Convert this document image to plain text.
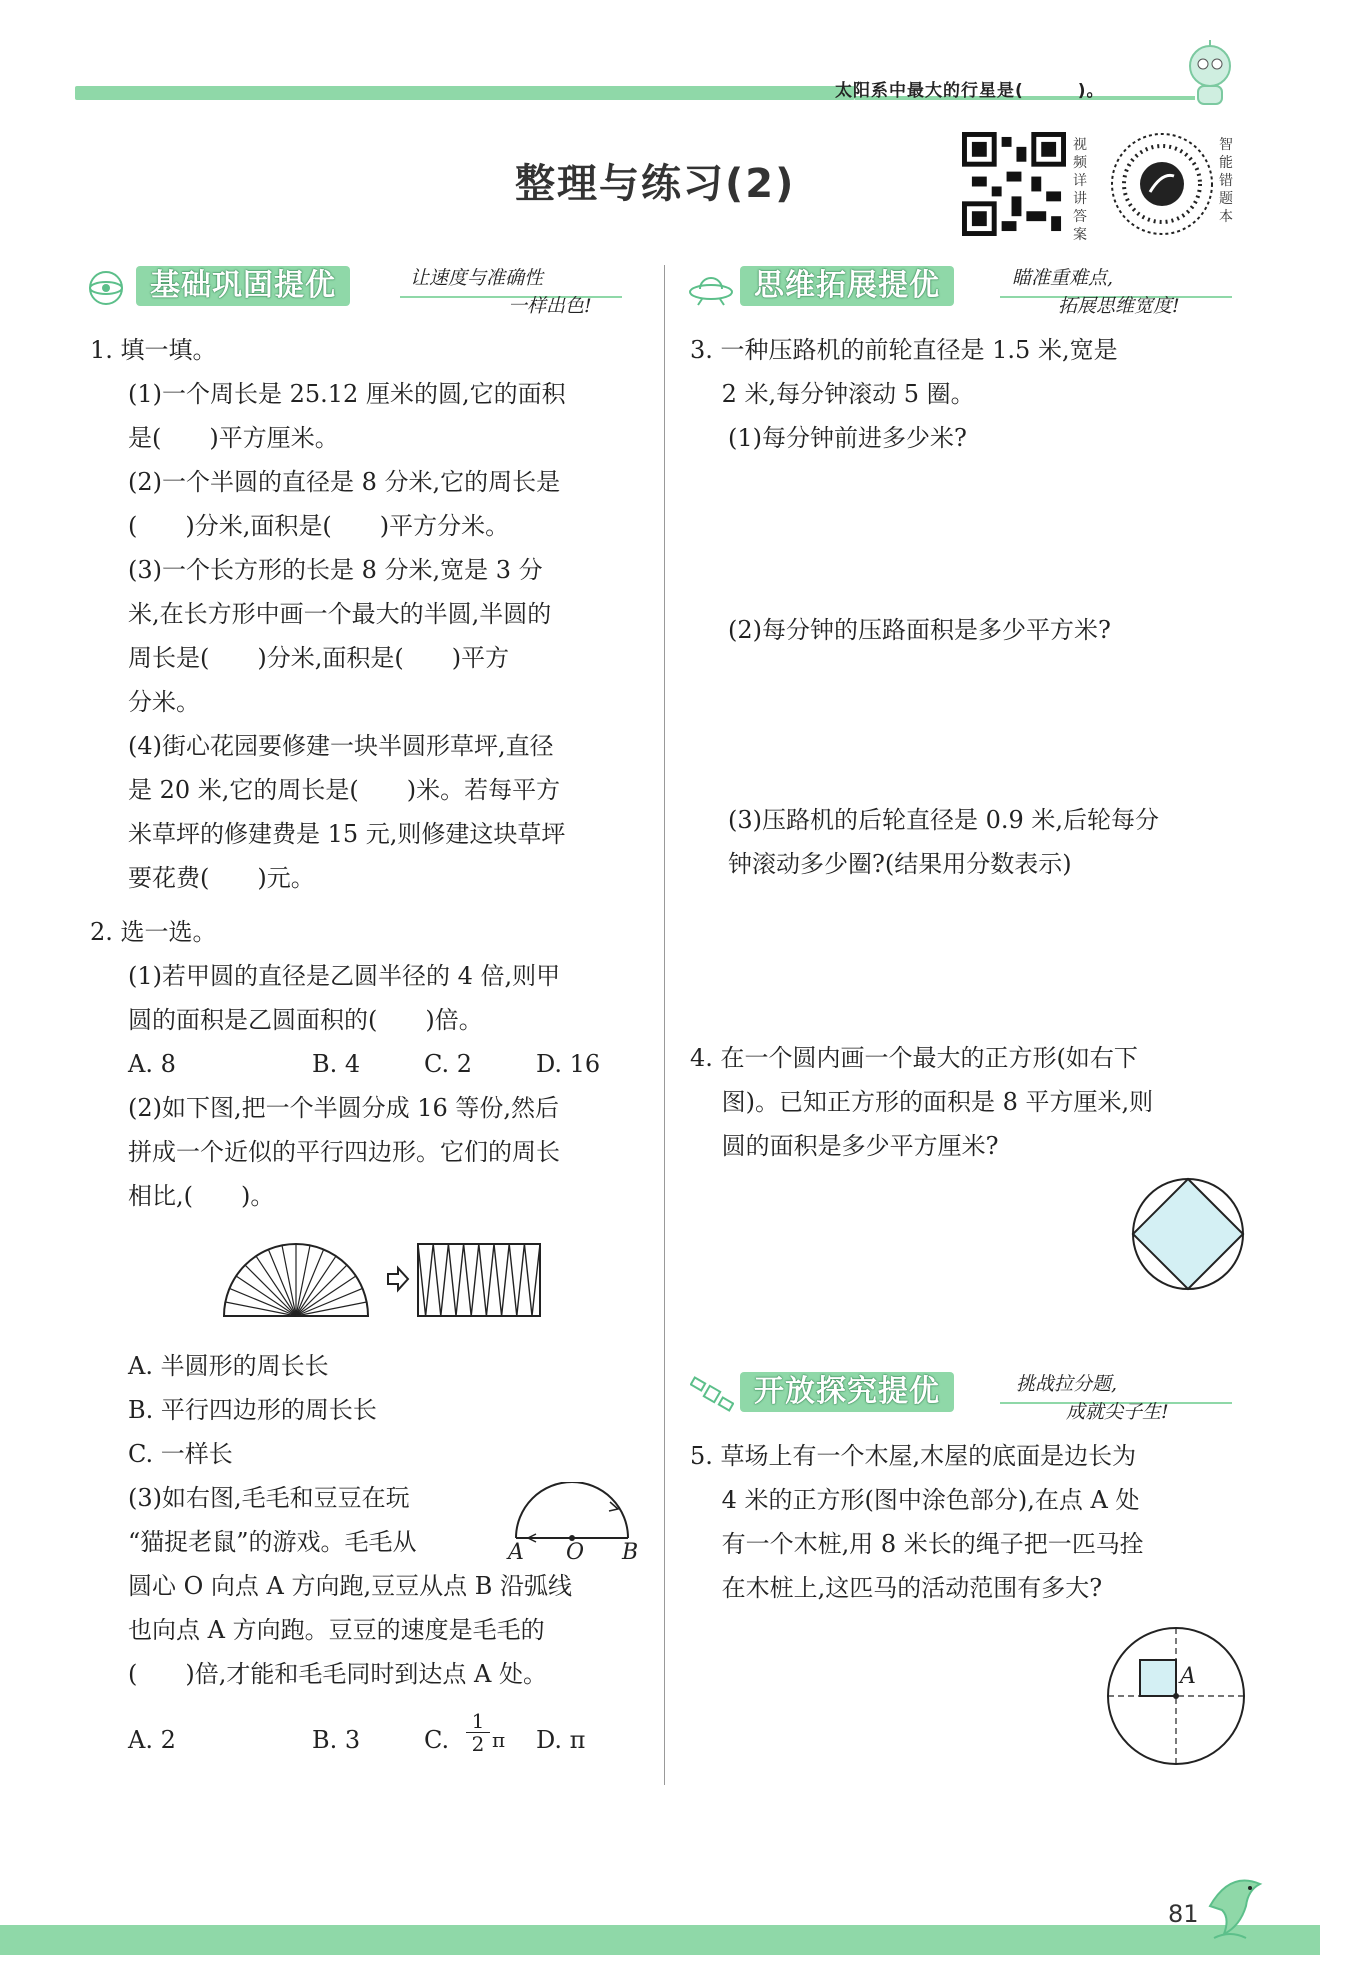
太阳系中最大的行星是(　　　)。
整理与练习(2)
视频详讲答案
智能错题本
基础巩固提优	让速度与准确性
一样出色!
1. 填一填。
(1)一个周长是 25.12 厘米的圆,它的面积
是(　　)平方厘米。
(2)一个半圆的直径是 8 分米,它的周长是
(　　)分米,面积是(　　)平方分米。
(3)一个长方形的长是 8 分米,宽是 3 分
米,在长方形中画一个最大的半圆,半圆的
周长是(　　)分米,面积是(　　)平方
分米。
(4)街心花园要修建一块半圆形草坪,直径
是 20 米,它的周长是(　　)米。若每平方
米草坪的修建费是 15 元,则修建这块草坪
要花费(　　)元。
2. 选一选。
(1)若甲圆的直径是乙圆半径的 4 倍,则甲
圆的面积是乙圆面积的(　　)倍。
A. 8	B. 4	C. 2	D. 16
(2)如下图,把一个半圆分成 16 等份,然后
拼成一个近似的平行四边形。它们的周长
相比,(　　)。
A. 半圆形的周长长
B. 平行四边形的周长长
C. 一样长
(3)如右图,毛毛和豆豆在玩
“猫捉老鼠”的游戏。毛毛从
圆心 O 向点 A 方向跑,豆豆从点 B 沿弧线
也向点 A 方向跑。豆豆的速度是毛毛的
(　　)倍,才能和毛毛同时到达点 A 处。
A O B
A. 2	B. 3	C. $\frac{1}{2}$ π D. π
思维拓展提优	瞄准重难点,
拓展思维宽度!
3. 一种压路机的前轮直径是 1.5 米,宽是
　 2 米,每分钟滚动 5 圈。
(1)每分钟前进多少米?
(2)每分钟的压路面积是多少平方米?
(3)压路机的后轮直径是 0.9 米,后轮每分
钟滚动多少圈?(结果用分数表示)
4. 在一个圆内画一个最大的正方形(如右下
　 图)。已知正方形的面积是 8 平方厘米,则
　 圆的面积是多少平方厘米?
开放探究提优	挑战拉分题,
成就尖子生!
5. 草场上有一个木屋,木屋的底面是边长为
　 4 米的正方形(图中涂色部分),在点 A 处
　 有一个木桩,用 8 米长的绳子把一匹马拴
　 在木桩上,这匹马的活动范围有多大?
A
81
